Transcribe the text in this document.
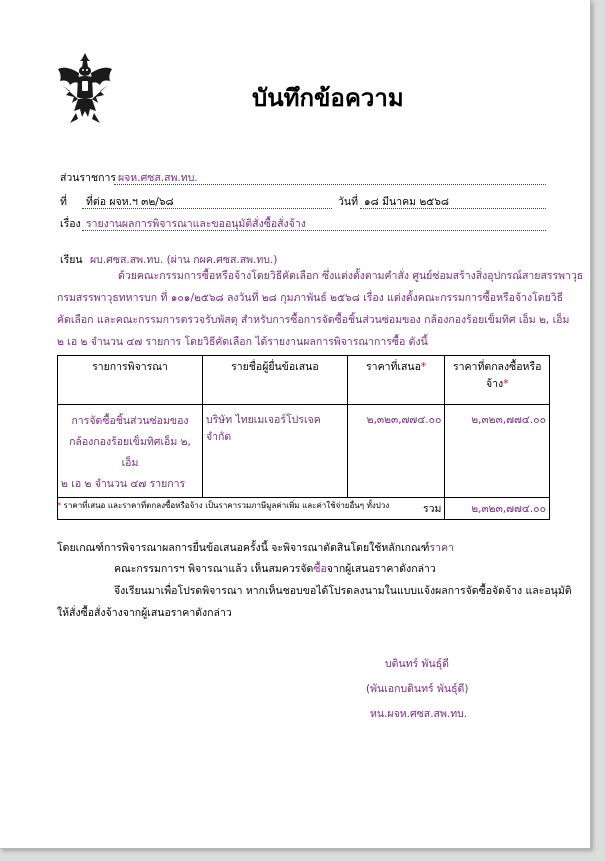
บันทึกข้อความ
ส่วนราชการ ผจห.ศซส.สพ.ทบ.
ที่ ที่ต่อ ผจห.ฯ ๓๒/๖๘	วันที่ ๑๘ มีนาคม ๒๕๖๘
เรื่อง รายงานผลการพิจารณาและขออนุมัติสั่งซื้อสั่งจ้าง
เรียน ผบ.ศซส.สพ.ทบ. (ผ่าน กผค.ศซส.สพ.ทบ.)
ด้วยคณะกรรมการซื้อหรือจ้างโดยวิธีคัดเลือก ซึ่งแต่งตั้งตามคำสั่ง ศูนย์ซ่อมสร้างสิ่งอุปกรณ์สายสรรพาวุธ
กรมสรรพาวุธทหารบก ที่ ๑๐๑/๒๕๖๘ ลงวันที่ ๒๘ กุมภาพันธ์ ๒๕๖๘ เรื่อง แต่งตั้งคณะกรรมการซื้อหรือจ้างโดยวิธี
คัดเลือก และคณะกรรมการตรวจรับพัสดุ สำหรับการซื้อการจัดซื้อชิ้นส่วนซ่อมของ กล้องกองร้อยเข็มทิศ เอ็ม ๒, เอ็ม
๒ เอ ๒ จำนวน ๔๗ รายการ โดยวิธีคัดเลือก ได้รายงานผลการพิจารณาการซื้อ ดังนี้
รายการพิจารณา	รายชื่อผู้ยื่นข้อเสนอ	ราคาที่เสนอ*	ราคาที่ตกลงซื้อหรือจ้าง*

การจัดซื้อชิ้นส่วนซ่อมของ
กล้องกองร้อยเข็มทิศเอ็ม ๒, เอ็ม
๒ เอ ๒ จำนวน ๔๗ รายการ	บริษัท ไทยเมเจอร์โปรเจค จำกัด	๒,๓๒๓,๗๗๔.๐๐	๒,๓๒๓,๗๗๔.๐๐
รวม			๒,๓๒๓,๗๗๔.๐๐
* ราคาที่เสนอ และราคาที่ตกลงซื้อหรือจ้าง เป็นราคารวมภาษีมูลค่าเพิ่ม และค่าใช้จ่ายอื่นๆ ทั้งปวง
โดยเกณฑ์การพิจารณาผลการยื่นข้อเสนอครั้งนี้ จะพิจารณาตัดสินโดยใช้หลักเกณฑ์ราคา
คณะกรรมการฯ พิจารณาแล้ว เห็นสมควรจัดซื้อจากผู้เสนอราคาดังกล่าว
จึงเรียนมาเพื่อโปรดพิจารณา หากเห็นชอบขอได้โปรดลงนามในแบบแจ้งผลการจัดซื้อจัดจ้าง และอนุมัติ
ให้สั่งซื้อสั่งจ้างจากผู้เสนอราคาดังกล่าว
บดินทร์ พันธุ์ดี
(พันเอกบดินทร์ พันธุ์ดี)
หน.ผจห.ศซส.สพ.ทบ.
